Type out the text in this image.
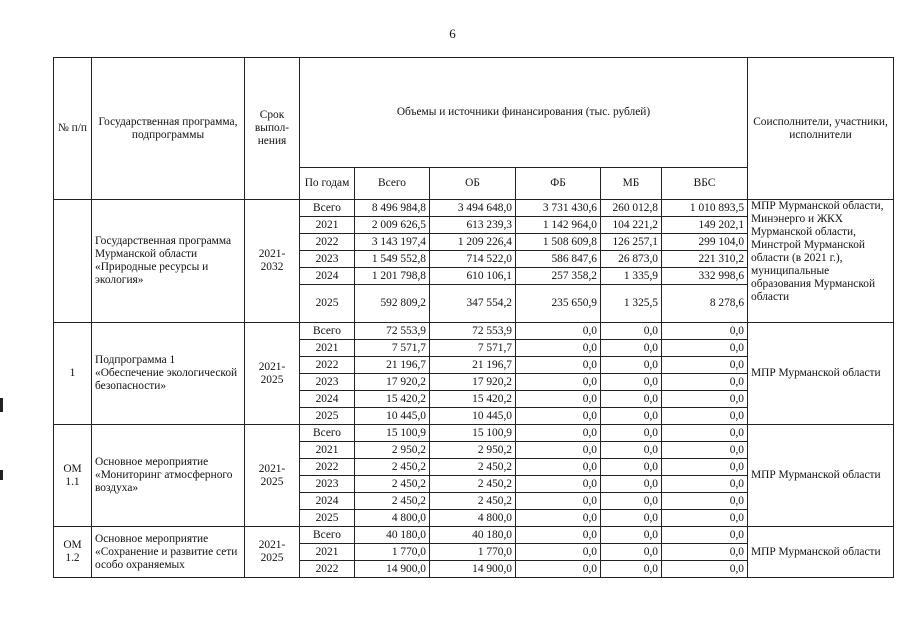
6
№ п/п	Государственная программа, подпрограммы	Срок выпол-нения	Объемы и источники финансирования (тыс. рублей)						Соисполнители, участники, исполнители
			По годам	Всего	ОБ	ФБ	МБ	ВБС	
	Государственная программа Мурманской области «Природные ресурсы и экология»	2021-2032	Всего	8 496 984,8	3 494 648,0	3 731 430,6	260 012,8	1 010 893,5	МПР Мурманской области, Минэнерго и ЖКХ Мурманской области, Минстрой Мурманской области (в 2021 г.), муниципальные образования Мурманской области
			2021	2 009 626,5	613 239,3	1 142 964,0	104 221,2	149 202,1	
			2022	3 143 197,4	1 209 226,4	1 508 609,8	126 257,1	299 104,0	
			2023	1 549 552,8	714 522,0	586 847,6	26 873,0	221 310,2	
			2024	1 201 798,8	610 106,1	257 358,2	1 335,9	332 998,6	
			2025	592 809,2	347 554,2	235 650,9	1 325,5	8 278,6	
1	Подпрограмма 1 «Обеспечение экологической безопасности»	2021-2025	Всего	72 553,9	72 553,9	0,0	0,0	0,0	МПР Мурманской области
			2021	7 571,7	7 571,7	0,0	0,0	0,0	
			2022	21 196,7	21 196,7	0,0	0,0	0,0	
			2023	17 920,2	17 920,2	0,0	0,0	0,0	
			2024	15 420,2	15 420,2	0,0	0,0	0,0	
			2025	10 445,0	10 445,0	0,0	0,0	0,0	
ОМ 1.1	Основное мероприятие «Мониторинг атмосферного воздуха»	2021-2025	Всего	15 100,9	15 100,9	0,0	0,0	0,0	МПР Мурманской области
			2021	2 950,2	2 950,2	0,0	0,0	0,0	
			2022	2 450,2	2 450,2	0,0	0,0	0,0	
			2023	2 450,2	2 450,2	0,0	0,0	0,0	
			2024	2 450,2	2 450,2	0,0	0,0	0,0	
			2025	4 800,0	4 800,0	0,0	0,0	0,0	
ОМ 1.2	Основное мероприятие «Сохранение и развитие сети особо охраняемых	2021-2025	Всего	40 180,0	40 180,0	0,0	0,0	0,0	МПР Мурманской области
			2021	1 770,0	1 770,0	0,0	0,0	0,0	
			2022	14 900,0	14 900,0	0,0	0,0	0,0	
